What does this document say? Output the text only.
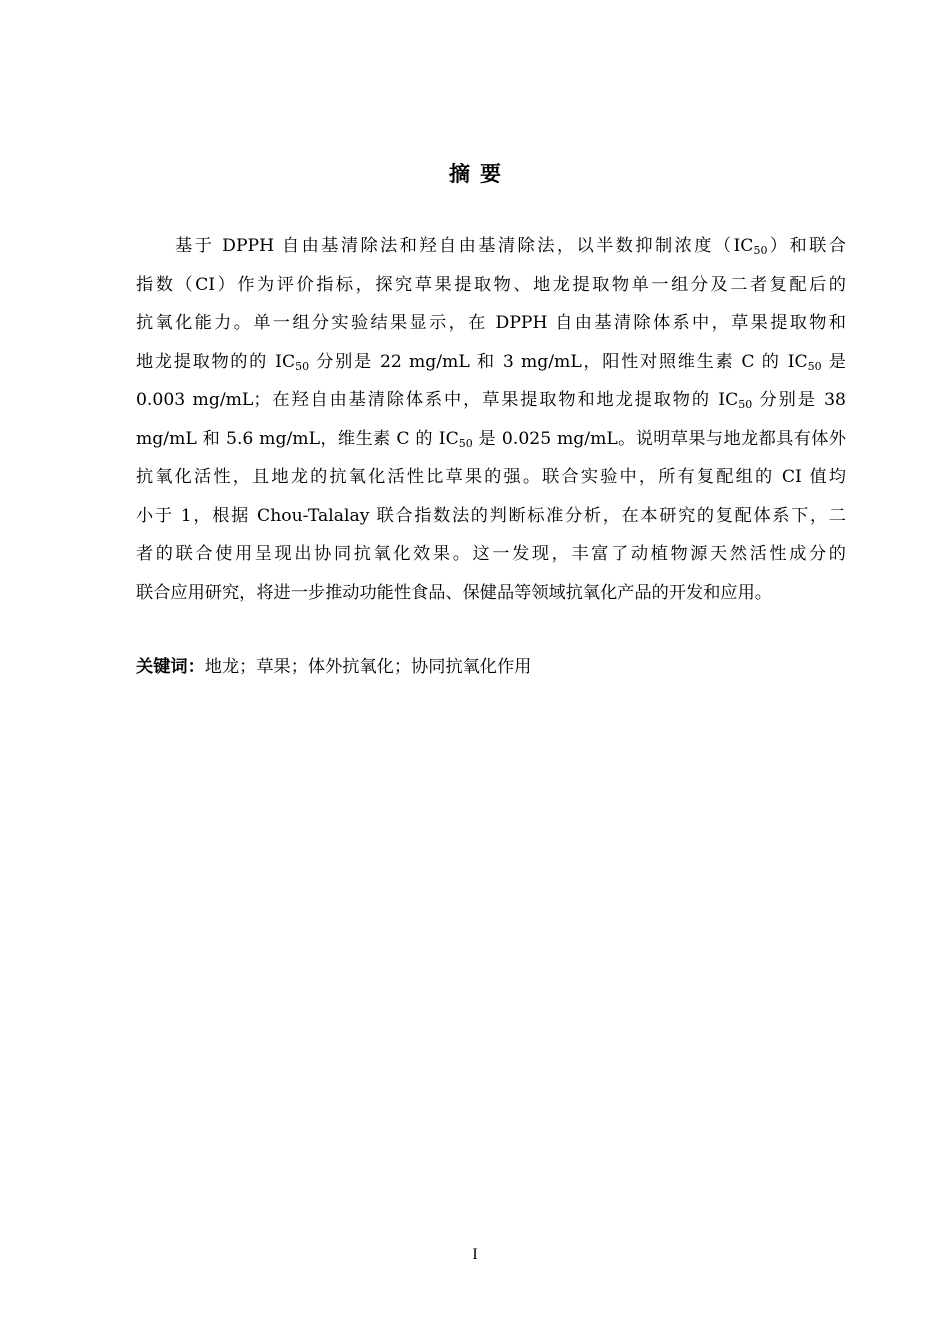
摘 要
基于 DPPH 自由基清除法和羟自由基清除法，以半数抑制浓度$(IC_{50})$和联合
指数（CI）作为评价指标，探究草果提取物、地龙提取物单一组分及二者复配后的
抗氧化能力。单一组分实验结果显示，在 DPPH 自由基清除体系中，草果提取物和
地龙提取物的的 $IC_{50}$ 分别是 22 mg/mL 和 3 mg/mL，阳性对照维生素 C 的 $IC_{50}$ 是
0.003 mg/mL；在羟自由基清除体系中，草果提取物和地龙提取物的 $IC_{50}$ 分别是 38
mg/mL 和 5.6 mg/mL，维生素 C 的 $IC_{50}$ 是 0.025 mg/mL。说明草果与地龙都具有体外
抗氧化活性，且地龙的抗氧化活性比草果的强。联合实验中，所有复配组的 CI 值均
小于 1，根据 Chou-Talalay 联合指数法的判断标准分析，在本研究的复配体系下，二
者的联合使用呈现出协同抗氧化效果。这一发现，丰富了动植物源天然活性成分的
联合应用研究，将进一步推动功能性食品、保健品等领域抗氧化产品的开发和应用。
关键词：地龙；草果；体外抗氧化；协同抗氧化作用
I
